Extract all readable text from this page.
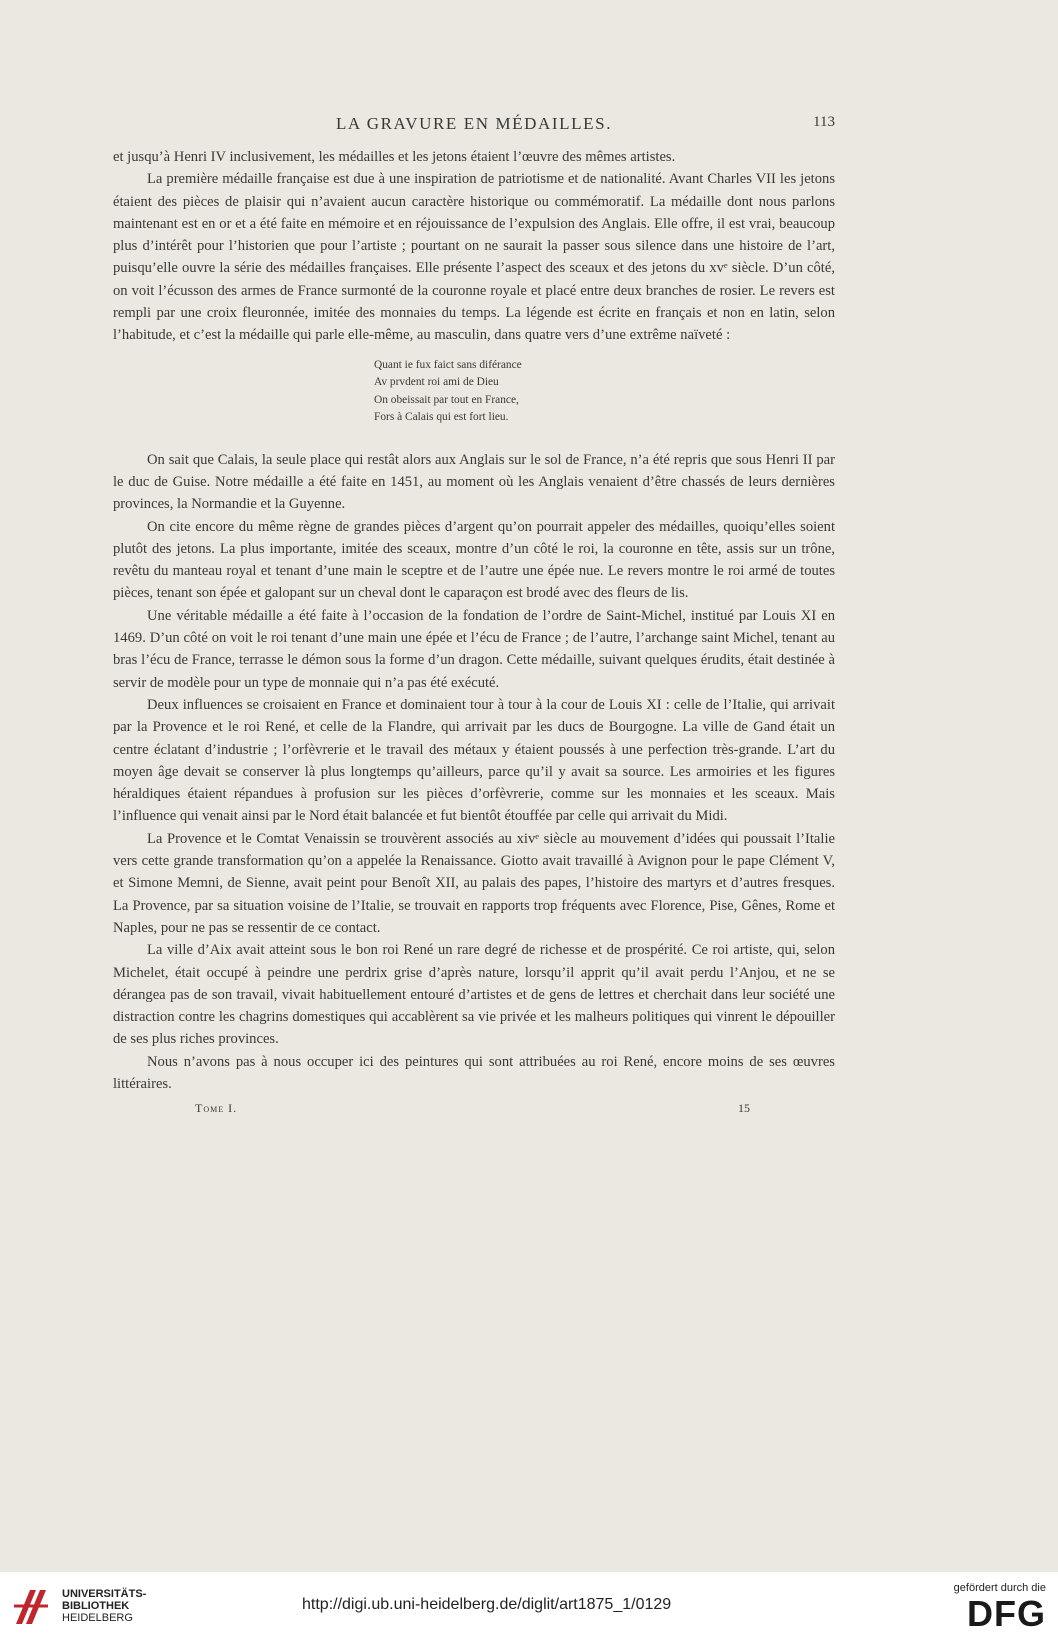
LA GRAVURE EN MÉDAILLES.	113

et jusqu’à Henri IV inclusivement, les médailles et les jetons étaient l’œuvre des mêmes artistes.

La première médaille française est due à une inspiration de patriotisme et de nationalité. Avant Charles VII les jetons étaient des pièces de plaisir qui n’avaient aucun caractère historique ou commémoratif. La médaille dont nous parlons maintenant est en or et a été faite en mémoire et en réjouissance de l’expulsion des Anglais. Elle offre, il est vrai, beaucoup plus d’intérêt pour l’historien que pour l’artiste ; pourtant on ne saurait la passer sous silence dans une histoire de l’art, puisqu’elle ouvre la série des médailles françaises. Elle présente l’aspect des sceaux et des jetons du xvᵉ siècle. D’un côté, on voit l’écusson des armes de France surmonté de la couronne royale et placé entre deux branches de rosier. Le revers est rempli par une croix fleuronnée, imitée des monnaies du temps. La légende est écrite en français et non en latin, selon l’habitude, et c’est la médaille qui parle elle-même, au masculin, dans quatre vers d’une extrême naïveté :

Quant ie fux faict sans diférance
Av prvdent roi ami de Dieu
On obeissait par tout en France,
Fors à Calais qui est fort lieu.

On sait que Calais, la seule place qui restât alors aux Anglais sur le sol de France, n’a été repris que sous Henri II par le duc de Guise. Notre médaille a été faite en 1451, au moment où les Anglais venaient d’être chassés de leurs dernières provinces, la Normandie et la Guyenne.

On cite encore du même règne de grandes pièces d’argent qu’on pourrait appeler des médailles, quoiqu’elles soient plutôt des jetons. La plus importante, imitée des sceaux, montre d’un côté le roi, la couronne en tête, assis sur un trône, revêtu du manteau royal et tenant d’une main le sceptre et de l’autre une épée nue. Le revers montre le roi armé de toutes pièces, tenant son épée et galopant sur un cheval dont le caparaçon est brodé avec des fleurs de lis.

Une véritable médaille a été faite à l’occasion de la fondation de l’ordre de Saint-Michel, institué par Louis XI en 1469. D’un côté on voit le roi tenant d’une main une épée et l’écu de France ; de l’autre, l’archange saint Michel, tenant au bras l’écu de France, terrasse le démon sous la forme d’un dragon. Cette médaille, suivant quelques érudits, était destinée à servir de modèle pour un type de monnaie qui n’a pas été exécuté.

Deux influences se croisaient en France et dominaient tour à tour à la cour de Louis XI : celle de l’Italie, qui arrivait par la Provence et le roi René, et celle de la Flandre, qui arrivait par les ducs de Bourgogne. La ville de Gand était un centre éclatant d’industrie ; l’orfèvrerie et le travail des métaux y étaient poussés à une perfection très-grande. L’art du moyen âge devait se conserver là plus longtemps qu’ailleurs, parce qu’il y avait sa source. Les armoiries et les figures héraldiques étaient répandues à profusion sur les pièces d’orfèvrerie, comme sur les monnaies et les sceaux. Mais l’influence qui venait ainsi par le Nord était balancée et fut bientôt étouffée par celle qui arrivait du Midi.

La Provence et le Comtat Venaissin se trouvèrent associés au xivᵉ siècle au mouvement d’idées qui poussait l’Italie vers cette grande transformation qu’on a appelée la Renaissance. Giotto avait travaillé à Avignon pour le pape Clément V, et Simone Memni, de Sienne, avait peint pour Benoît XII, au palais des papes, l’histoire des martyrs et d’autres fresques. La Provence, par sa situation voisine de l’Italie, se trouvait en rapports trop fréquents avec Florence, Pise, Gênes, Rome et Naples, pour ne pas se ressentir de ce contact.

La ville d’Aix avait atteint sous le bon roi René un rare degré de richesse et de prospérité. Ce roi artiste, qui, selon Michelet, était occupé à peindre une perdrix grise d’après nature, lorsqu’il apprit qu’il avait perdu l’Anjou, et ne se dérangea pas de son travail, vivait habituellement entouré d’artistes et de gens de lettres et cherchait dans leur société une distraction contre les chagrins domestiques qui accablèrent sa vie privée et les malheurs politiques qui vinrent le dépouiller de ses plus riches provinces.

Nous n’avons pas à nous occuper ici des peintures qui sont attribuées au roi René, encore moins de ses œuvres littéraires.

Tome I.	15
UNIVERSITÄTS-
BIBLIOTHEK
HEIDELBERG
http://digi.ub.uni-heidelberg.de/diglit/art1875_1/0129
gefördert durch die
DFG
